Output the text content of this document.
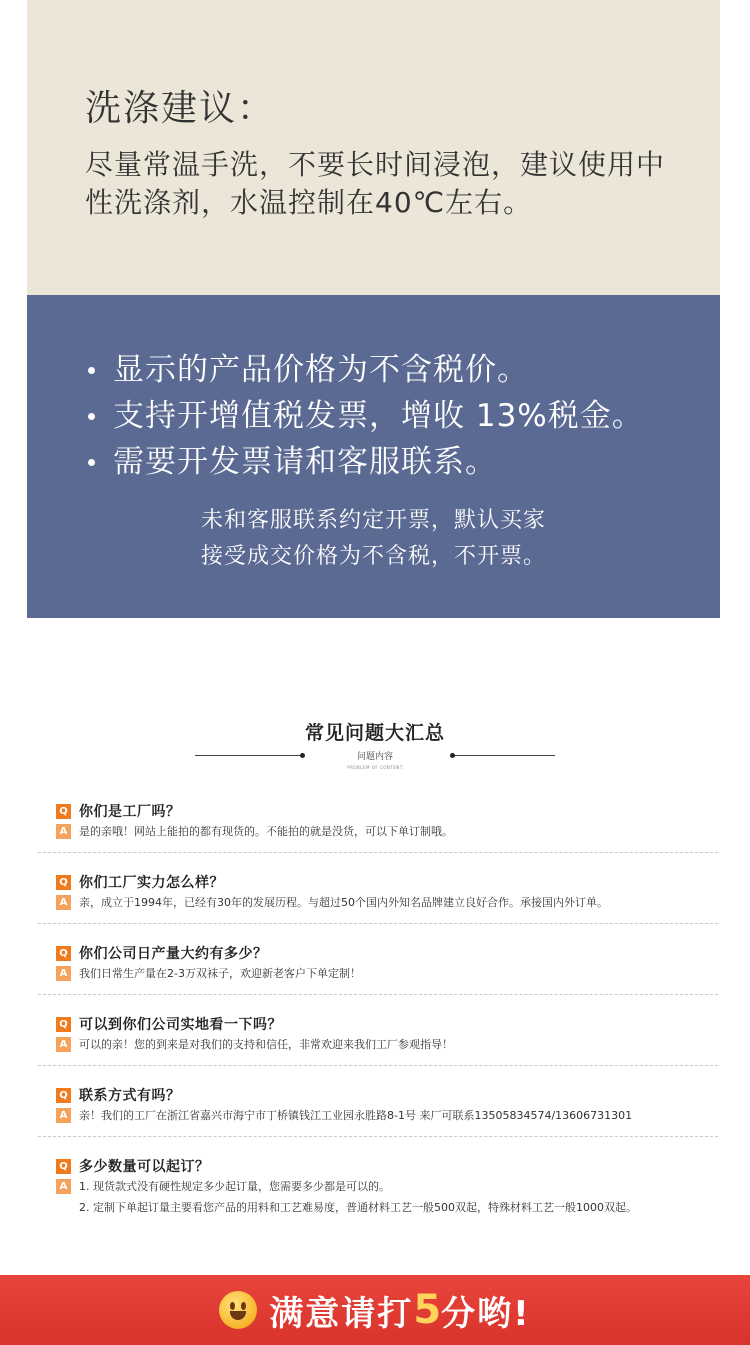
洗涤建议：
尽量常温手洗，不要长时间浸泡，建议使用中性洗涤剂，水温控制在40℃左右。
显示的产品价格为不含税价。
支持开增值税发票，增收 13%税金。
需要开发票请和客服联系。
未和客服联系约定开票，默认买家
接受成交价格为不含税，不开票。
常见问题大汇总
问题内容
PROBLEM OF CONTENT
Q 你们是工厂吗？
A	是的亲哦！网站上能拍的都有现货的。不能拍的就是没货，可以下单订制哦。
Q 你们工厂实力怎么样？
A	亲，成立于1994年，已经有30年的发展历程。与超过50个国内外知名品牌建立良好合作。承接国内外订单。
Q 你们公司日产量大约有多少？
A	我们日常生产量在2-3万双袜子，欢迎新老客户下单定制！
Q 可以到你们公司实地看一下吗？
A	可以的亲！您的到来是对我们的支持和信任，非常欢迎来我们工厂参观指导！
Q 联系方式有吗？
A	亲！我们的工厂在浙江省嘉兴市海宁市丁桥镇钱江工业园永胜路8-1号 来厂可联系13505834574/13606731301
Q 多少数量可以起订？
A	1. 现货款式没有硬性规定多少起订量，您需要多少都是可以的。
2. 定制下单起订量主要看您产品的用料和工艺难易度，普通材料工艺一般500双起，特殊材料工艺一般1000双起。
满意请打 5 分哟!
